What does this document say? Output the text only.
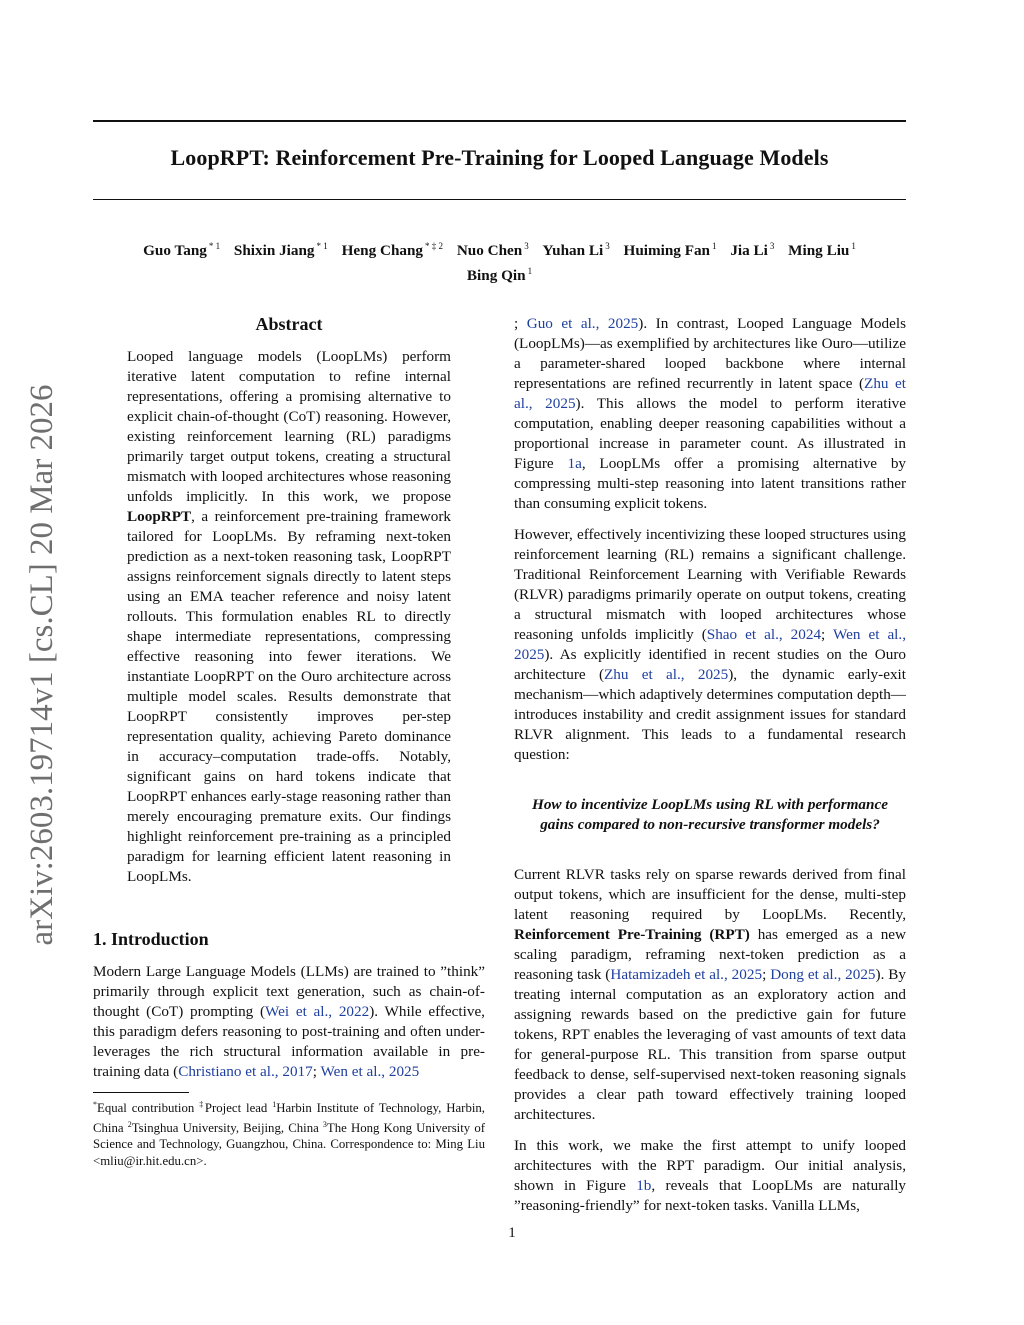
LoopRPT: Reinforcement Pre-Training for Looped Language Models
Guo Tang $^{* 1}$ Shixin Jiang $^{* 1}$ Heng Chang $^{* \ddagger 2}$ Nuo Chen $^3$ Yuhan Li $^3$ Huiming Fan $^1$ Jia Li $^3$ Ming Liu $^1$
Bing Qin $^1$
arXiv:2603.19714v1 [cs.CL] 20 Mar 2026
Abstract

Looped language models (LoopLMs) perform iterative latent computation to refine internal representations, offering a promising alternative to explicit chain-of-thought (CoT) reasoning. However, existing reinforcement learning (RL) paradigms primarily target output tokens, creating a structural mismatch with looped architectures whose reasoning unfolds implicitly. In this work, we propose LoopRPT, a reinforcement pre-training framework tailored for LoopLMs. By reframing next-token prediction as a next-token reasoning task, LoopRPT assigns reinforcement signals directly to latent steps using an EMA teacher reference and noisy latent rollouts. This formulation enables RL to directly shape intermediate representations, compressing effective reasoning into fewer iterations. We instantiate LoopRPT on the Ouro architecture across multiple model scales. Results demonstrate that LoopRPT consistently improves per-step representation quality, achieving Pareto dominance in accuracy–computation trade-offs. Notably, significant gains on hard tokens indicate that LoopRPT enhances early-stage reasoning rather than merely encouraging premature exits. Our findings highlight reinforcement pre-training as a principled paradigm for learning efficient latent reasoning in LoopLMs.

1. Introduction

Modern Large Language Models (LLMs) are trained to ”think” primarily through explicit text generation, such as chain-of-thought (CoT) prompting (Wei et al., 2022). While effective, this paradigm defers reasoning to post-training and often under-leverages the rich structural information available in pre-training data (Christiano et al., 2017; Wen et al., 2025

*Equal contribution ‡Project lead $^1$Harbin Institute of Technology, Harbin, China $^2$Tsinghua University, Beijing, China $^3$The Hong Kong University of Science and Technology, Guangzhou, China. Correspondence to: Ming Liu <mliu@ir.hit.edu.cn>.

; Guo et al., 2025). In contrast, Looped Language Models (LoopLMs)—as exemplified by architectures like Ouro—utilize a parameter-shared looped backbone where internal representations are refined recurrently in latent space (Zhu et al., 2025). This allows the model to perform iterative computation, enabling deeper reasoning capabilities without a proportional increase in parameter count. As illustrated in Figure 1a, LoopLMs offer a promising alternative by compressing multi-step reasoning into latent transitions rather than consuming explicit tokens.

However, effectively incentivizing these looped structures using reinforcement learning (RL) remains a significant challenge. Traditional Reinforcement Learning with Verifiable Rewards (RLVR) paradigms primarily operate on output tokens, creating a structural mismatch with looped architectures whose reasoning unfolds implicitly (Shao et al., 2024; Wen et al., 2025). As explicitly identified in recent studies on the Ouro architecture (Zhu et al., 2025), the dynamic early-exit mechanism—which adaptively determines computation depth—introduces instability and credit assignment issues for standard RLVR alignment. This leads to a fundamental research question:

How to incentivize LoopLMs using RL with performance gains compared to non-recursive transformer models?

Current RLVR tasks rely on sparse rewards derived from final output tokens, which are insufficient for the dense, multi-step latent reasoning required by LoopLMs. Recently, Reinforcement Pre-Training (RPT) has emerged as a new scaling paradigm, reframing next-token prediction as a reasoning task (Hatamizadeh et al., 2025; Dong et al., 2025). By treating internal computation as an exploratory action and assigning rewards based on the predictive gain for future tokens, RPT enables the leveraging of vast amounts of text data for general-purpose RL. This transition from sparse output feedback to dense, self-supervised next-token reasoning signals provides a clear path toward effectively training looped architectures.

In this work, we make the first attempt to unify looped architectures with the RPT paradigm. Our initial analysis, shown in Figure 1b, reveals that LoopLMs are naturally ”reasoning-friendly” for next-token tasks. Vanilla LLMs,

1
